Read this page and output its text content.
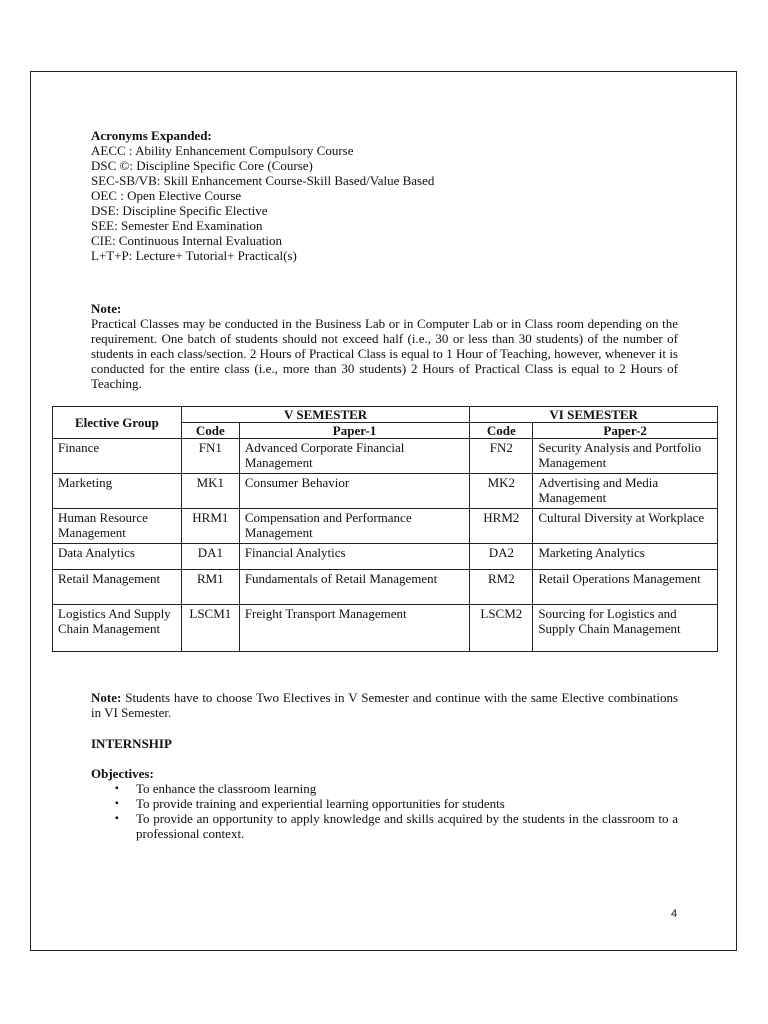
Acronyms Expanded:
AECC : Ability Enhancement Compulsory Course
DSC ©: Discipline Specific Core (Course)
SEC-SB/VB: Skill Enhancement Course-Skill Based/Value Based
OEC : Open Elective Course
DSE: Discipline Specific Elective
SEE: Semester End Examination
CIE: Continuous Internal Evaluation
L+T+P: Lecture+ Tutorial+ Practical(s)
Note:
Practical Classes may be conducted in the Business Lab or in Computer Lab or in Class room depending on the requirement. One batch of students should not exceed half (i.e., 30 or less than 30 students) of the number of students in each class/section. 2 Hours of Practical Class is equal to 1 Hour of Teaching, however, whenever it is conducted for the entire class (i.e., more than 30 students) 2 Hours of Practical Class is equal to 2 Hours of Teaching.
Elective Group	V SEMESTER		VI SEMESTER	
	Code	Paper-1	Code	Paper-2
Finance	FN1	Advanced Corporate Financial Management	FN2	Security Analysis and Portfolio Management
Marketing	MK1	Consumer Behavior	MK2	Advertising and Media Management
Human Resource Management	HRM1	Compensation and Performance Management	HRM2	Cultural Diversity at Workplace
Data Analytics	DA1	Financial Analytics	DA2	Marketing Analytics
Retail Management	RM1	Fundamentals of Retail Management	RM2	Retail Operations Management
Logistics And Supply Chain Management	LSCM1	Freight Transport Management	LSCM2	Sourcing for Logistics and Supply Chain Management
Note: Students have to choose Two Electives in V Semester and continue with the same Elective combinations in VI Semester.
INTERNSHIP
Objectives:
▪ To enhance the classroom learning
▪ To provide training and experiential learning opportunities for students
▪ To provide an opportunity to apply knowledge and skills acquired by the students in the classroom to a professional context.
4
